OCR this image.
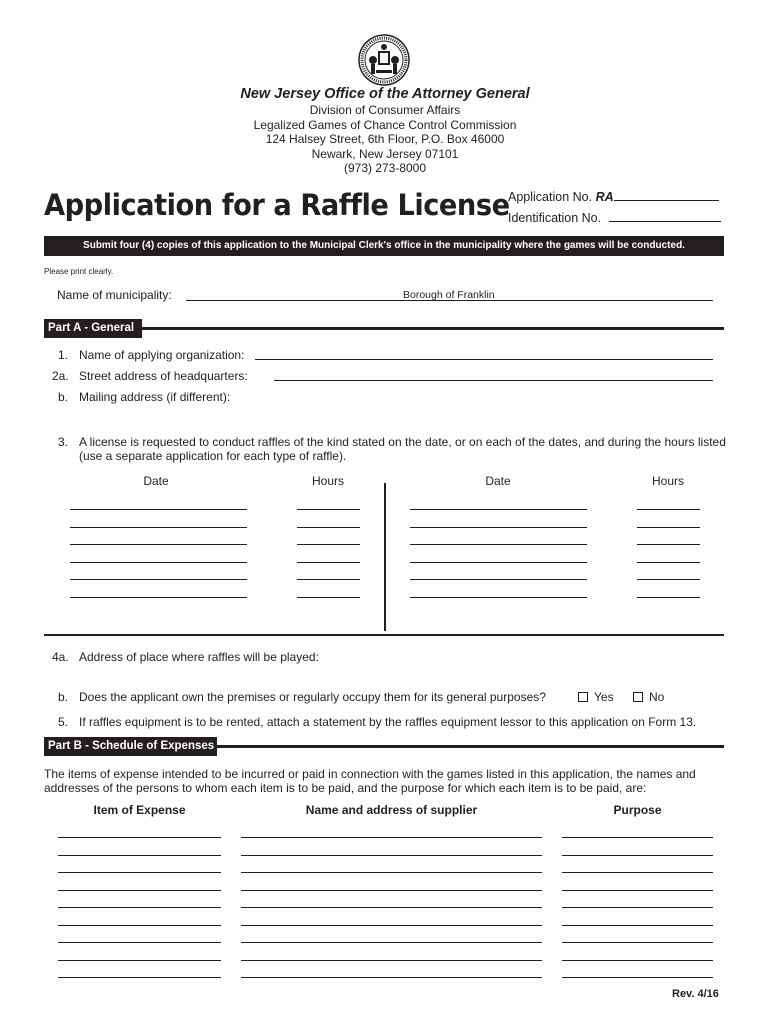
New Jersey Office of the Attorney General
Division of Consumer Affairs
Legalized Games of Chance Control Commission
124 Halsey Street, 6th Floor, P.O. Box 46000
Newark, New Jersey 07101
(973) 273-8000
Application for a Raffle License
Application No. RA
Identification No.
Submit four (4) copies of this application to the Municipal Clerk's office in the municipality where the games will be conducted.
Please print clearly.
Name of municipality:	Borough of Franklin
Part A - General
1. Name of applying organization:
2a. Street address of headquarters:
b. Mailing address (if different):
3. A license is requested to conduct raffles of the kind stated on the date, or on each of the dates, and during the hours listed
(use a separate application for each type of raffle).
Date	Hours	Date	Hours
4a. Address of place where raffles will be played:
b. Does the applicant own the premises or regularly occupy them for its general purposes?	Yes	No
5. If raffles equipment is to be rented, attach a statement by the raffles equipment lessor to this application on Form 13.
Part B - Schedule of Expenses
The items of expense intended to be incurred or paid in connection with the games listed in this application, the names and
addresses of the persons to whom each item is to be paid, and the purpose for which each item is to be paid, are:
Item of Expense	Name and address of supplier	Purpose
Rev. 4/16
